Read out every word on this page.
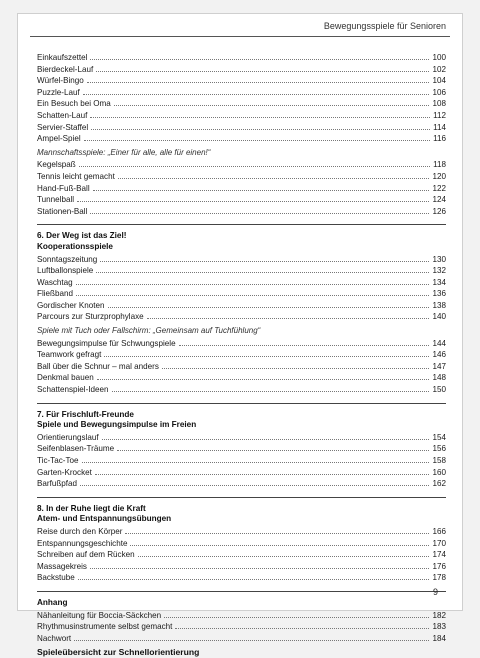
Bewegungsspiele für Senioren
Einkaufszettel	100
Bierdeckel-Lauf	102
Würfel-Bingo	104
Puzzle-Lauf	106
Ein Besuch bei Oma	108
Schatten-Lauf	112
Servier-Staffel	114
Ampel-Spiel	116
Mannschaftsspiele: „Einer für alle, alle für einen!“
Kegelspaß	118
Tennis leicht gemacht	120
Hand-Fuß-Ball	122
Tunnelball	124
Stationen-Ball	126
6. Der Weg ist das Ziel!
Kooperationsspiele
Sonntagszeitung	130
Luftballonspiele	132
Waschtag	134
Fließband	136
Gordischer Knoten	138
Parcours zur Sturzprophylaxe	140
Spiele mit Tuch oder Fallschirm: „Gemeinsam auf Tuchfühlung“
Bewegungsimpulse für Schwungspiele	144
Teamwork gefragt	146
Ball über die Schnur – mal anders	147
Denkmal bauen	148
Schattenspiel-Ideen	150
7. Für Frischluft-Freunde
Spiele und Bewegungsimpulse im Freien
Orientierungslauf	154
Seifenblasen-Träume	156
Tic-Tac-Toe	158
Garten-Krocket	160
Barfußpfad	162
8. In der Ruhe liegt die Kraft
Atem- und Entspannungsübungen
Reise durch den Körper	166
Entspannungsgeschichte	170
Schreiben auf dem Rücken	174
Massagekreis	176
Backstube	178
Anhang
Nähanleitung für Boccia-Säckchen	182
Rhythmusinstrumente selbst gemacht	183
Nachwort	184
Spieleübersicht zur Schnellorientierung
9
